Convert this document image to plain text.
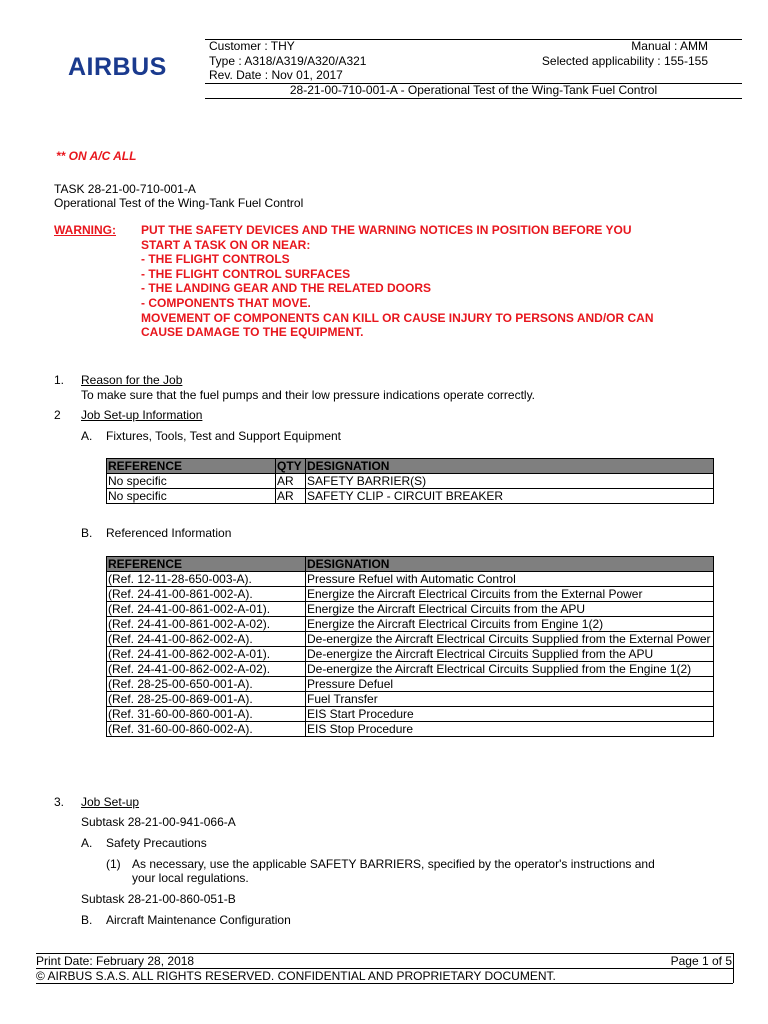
AIRBUS
Customer : THY	Manual : AMM
Type : A318/A319/A320/A321	Selected applicability : 155-155
Rev. Date : Nov 01, 2017
28-21-00-710-001-A - Operational Test of the Wing-Tank Fuel Control
** ON A/C ALL
TASK 28-21-00-710-001-A
Operational Test of the Wing-Tank Fuel Control
WARNING: PUT THE SAFETY DEVICES AND THE WARNING NOTICES IN POSITION BEFORE YOU
START A TASK ON OR NEAR:
- THE FLIGHT CONTROLS
- THE FLIGHT CONTROL SURFACES
- THE LANDING GEAR AND THE RELATED DOORS
- COMPONENTS THAT MOVE.
MOVEMENT OF COMPONENTS CAN KILL OR CAUSE INJURY TO PERSONS AND/OR CAN
CAUSE DAMAGE TO THE EQUIPMENT.
1. Reason for the Job
To make sure that the fuel pumps and their low pressure indications operate correctly.
2 Job Set-up Information
A. Fixtures, Tools, Test and Support Equipment
REFERENCE	QTY	DESIGNATION
No specific	AR	SAFETY BARRIER(S)
No specific	AR	SAFETY CLIP - CIRCUIT BREAKER
B. Referenced Information
REFERENCE	DESIGNATION
(Ref. 12-11-28-650-003-A).	Pressure Refuel with Automatic Control
(Ref. 24-41-00-861-002-A).	Energize the Aircraft Electrical Circuits from the External Power
(Ref. 24-41-00-861-002-A-01).	Energize the Aircraft Electrical Circuits from the APU
(Ref. 24-41-00-861-002-A-02).	Energize the Aircraft Electrical Circuits from Engine 1(2)
(Ref. 24-41-00-862-002-A).	De-energize the Aircraft Electrical Circuits Supplied from the External Power
(Ref. 24-41-00-862-002-A-01).	De-energize the Aircraft Electrical Circuits Supplied from the APU
(Ref. 24-41-00-862-002-A-02).	De-energize the Aircraft Electrical Circuits Supplied from the Engine 1(2)
(Ref. 28-25-00-650-001-A).	Pressure Defuel
(Ref. 28-25-00-869-001-A).	Fuel Transfer
(Ref. 31-60-00-860-001-A).	EIS Start Procedure
(Ref. 31-60-00-860-002-A).	EIS Stop Procedure
3. Job Set-up
Subtask 28-21-00-941-066-A
A. Safety Precautions
(1) As necessary, use the applicable SAFETY BARRIERS, specified by the operator's instructions and
your local regulations.
Subtask 28-21-00-860-051-B
B. Aircraft Maintenance Configuration
Print Date: February 28, 2018	Page 1 of 5
© AIRBUS S.A.S. ALL RIGHTS RESERVED. CONFIDENTIAL AND PROPRIETARY DOCUMENT.
